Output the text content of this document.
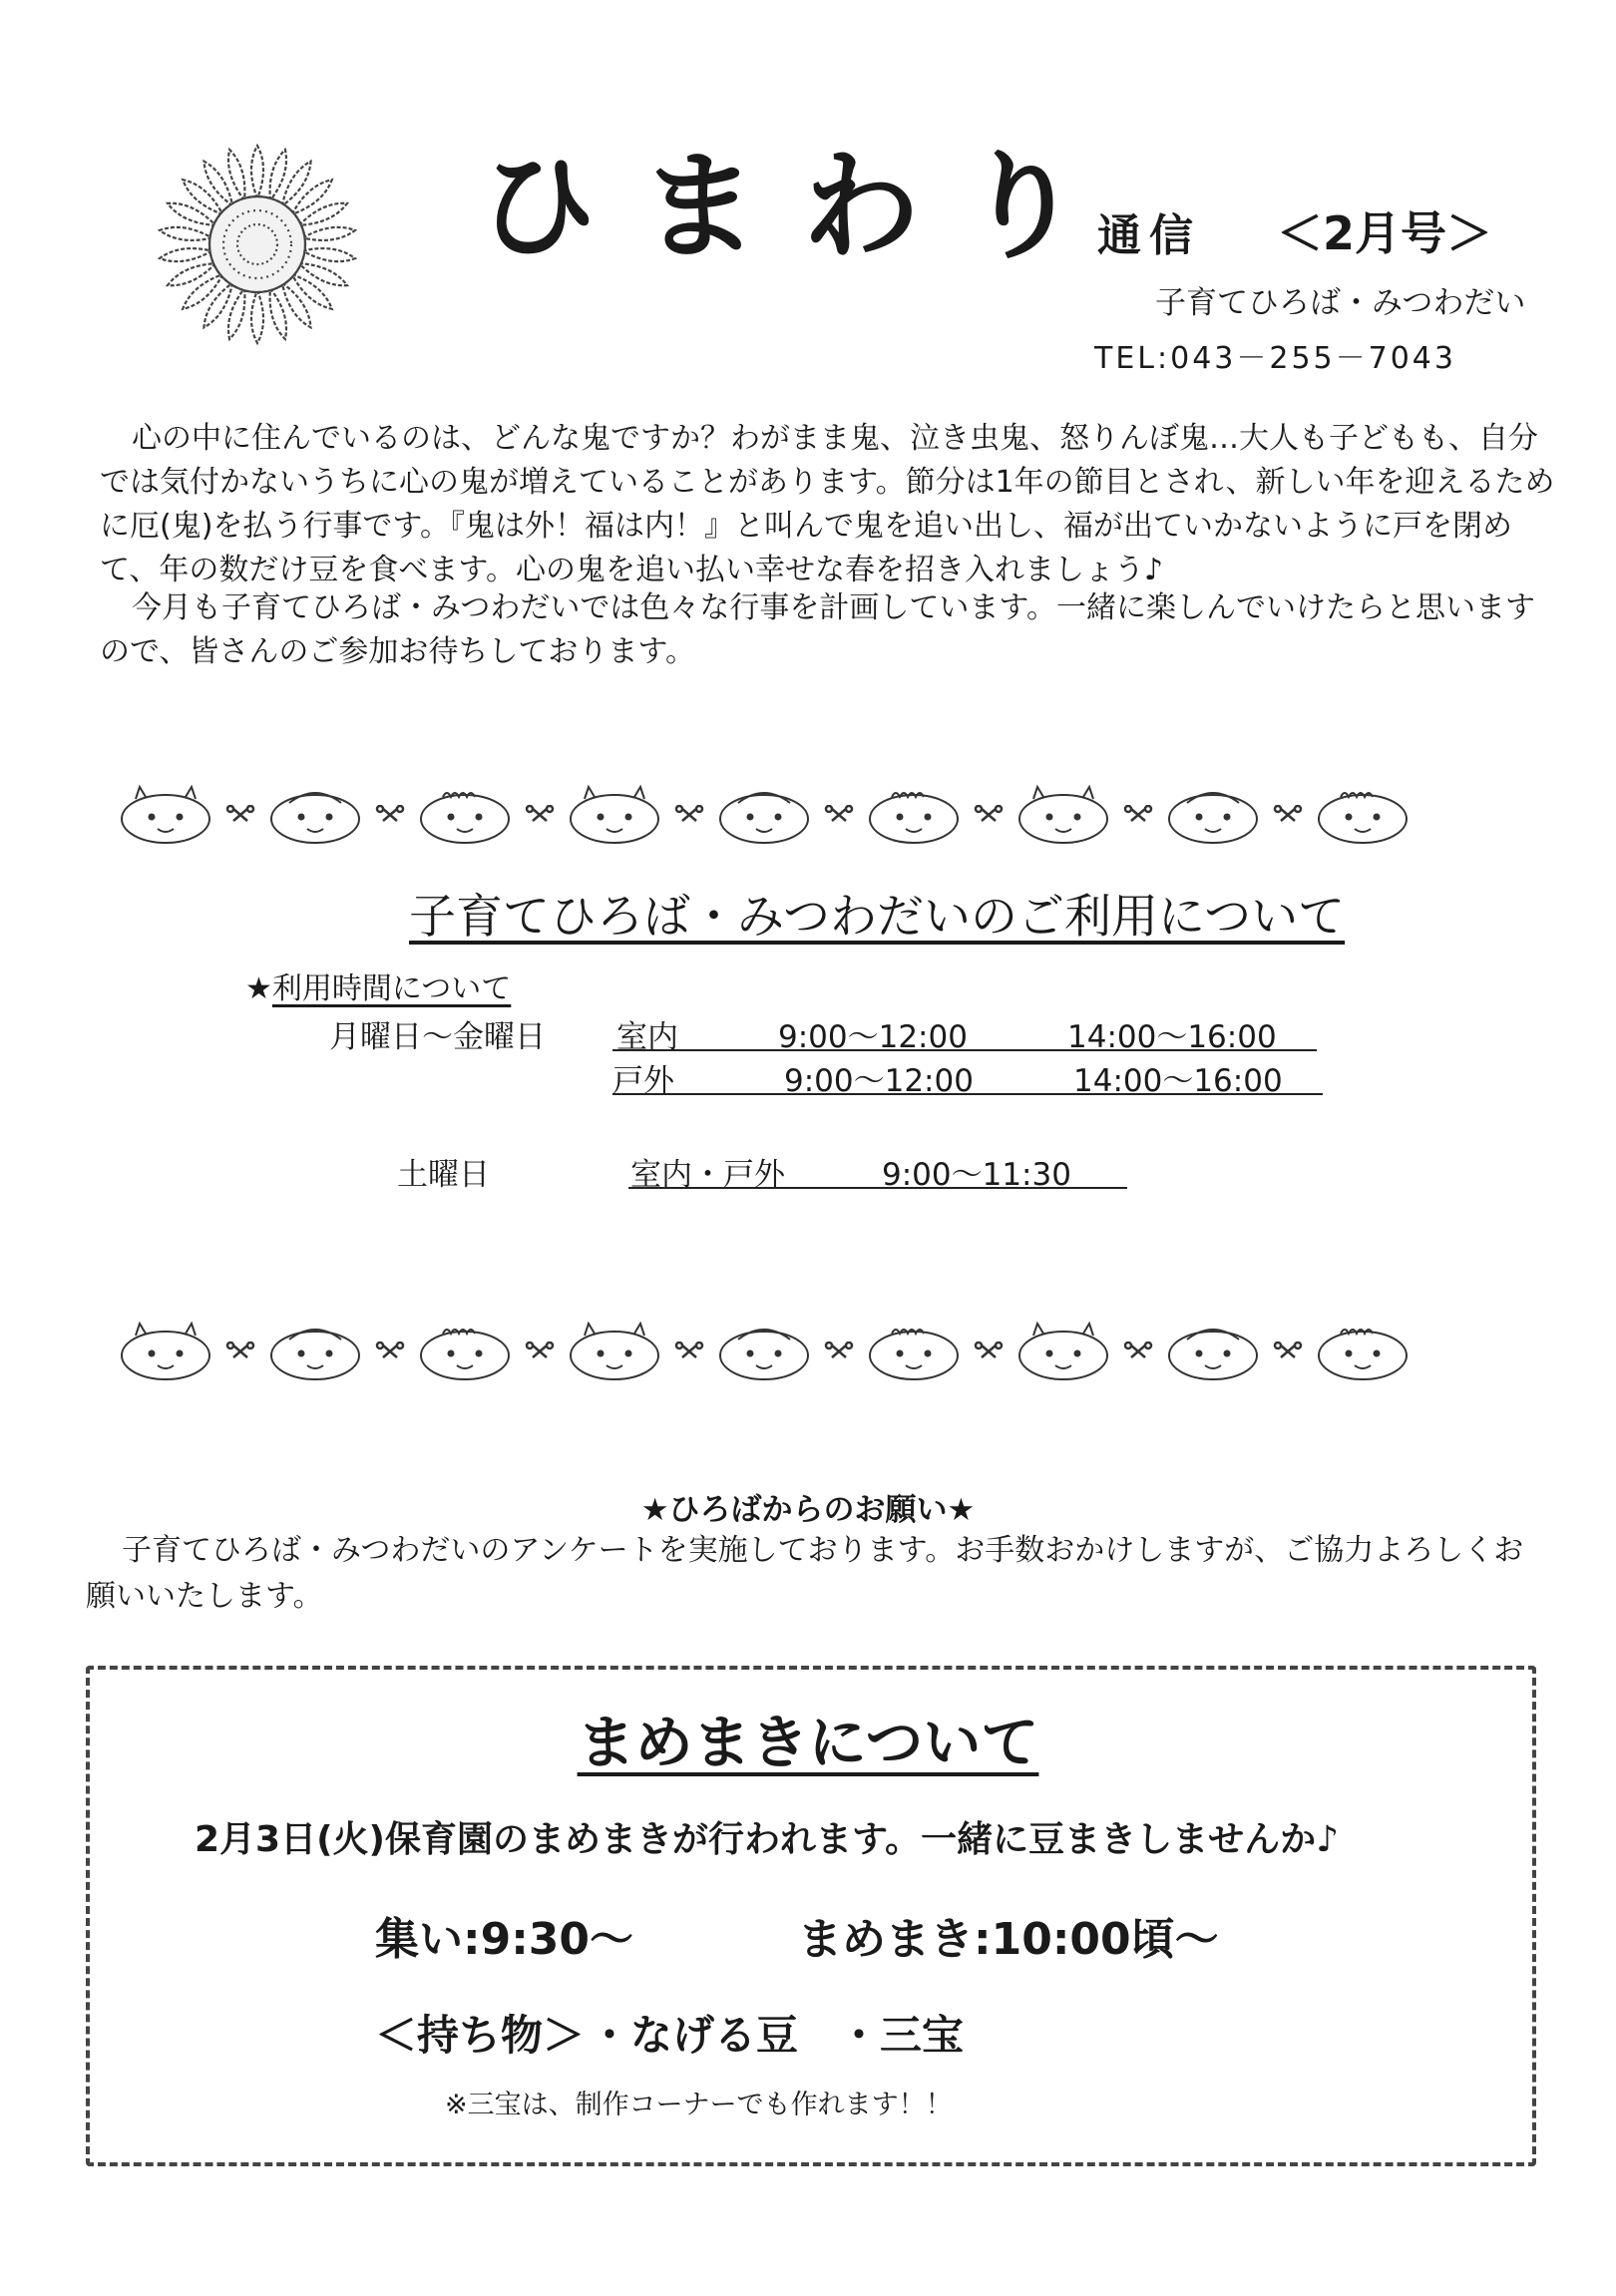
ひまわり
通信 ＜2月号＞
子育てひろば・みつわだい
TEL:043－255－7043
心の中に住んでいるのは、どんな鬼ですか？わがまま鬼、泣き虫鬼、怒りんぼ鬼…大人も子どもも、自分では気付かないうちに心の鬼が増えていることがあります。節分は1年の節目とされ、新しい年を迎えるために厄(鬼)を払う行事です。『鬼は外！福は内！』と叫んで鬼を追い出し、福が出ていかないように戸を閉めて、年の数だけ豆を食べます。心の鬼を追い払い幸せな春を招き入れましょう♪
今月も子育てひろば・みつわだいでは色々な行事を計画しています。一緒に楽しんでいけたらと思いますので、皆さんのご参加お待ちしております。
子育てひろば・みつわだいのご利用について
★利用時間について
月曜日～金曜日 室内	9:00～12:00	14:00～16:00
戸外	9:00～12:00	14:00～16:00
土曜日	室内・戸外	9:00～11:30
★ひろばからのお願い★
子育てひろば・みつわだいのアンケートを実施しております。お手数おかけしますが、ご協力よろしくお願いいたします。
まめまきについて
2月3日(火)保育園のまめまきが行われます。一緒に豆まきしませんか♪
集い:9:30～	まめまき:10:00頃～
＜持ち物＞ ・なげる豆 ・三宝
※三宝は、制作コーナーでも作れます！！
